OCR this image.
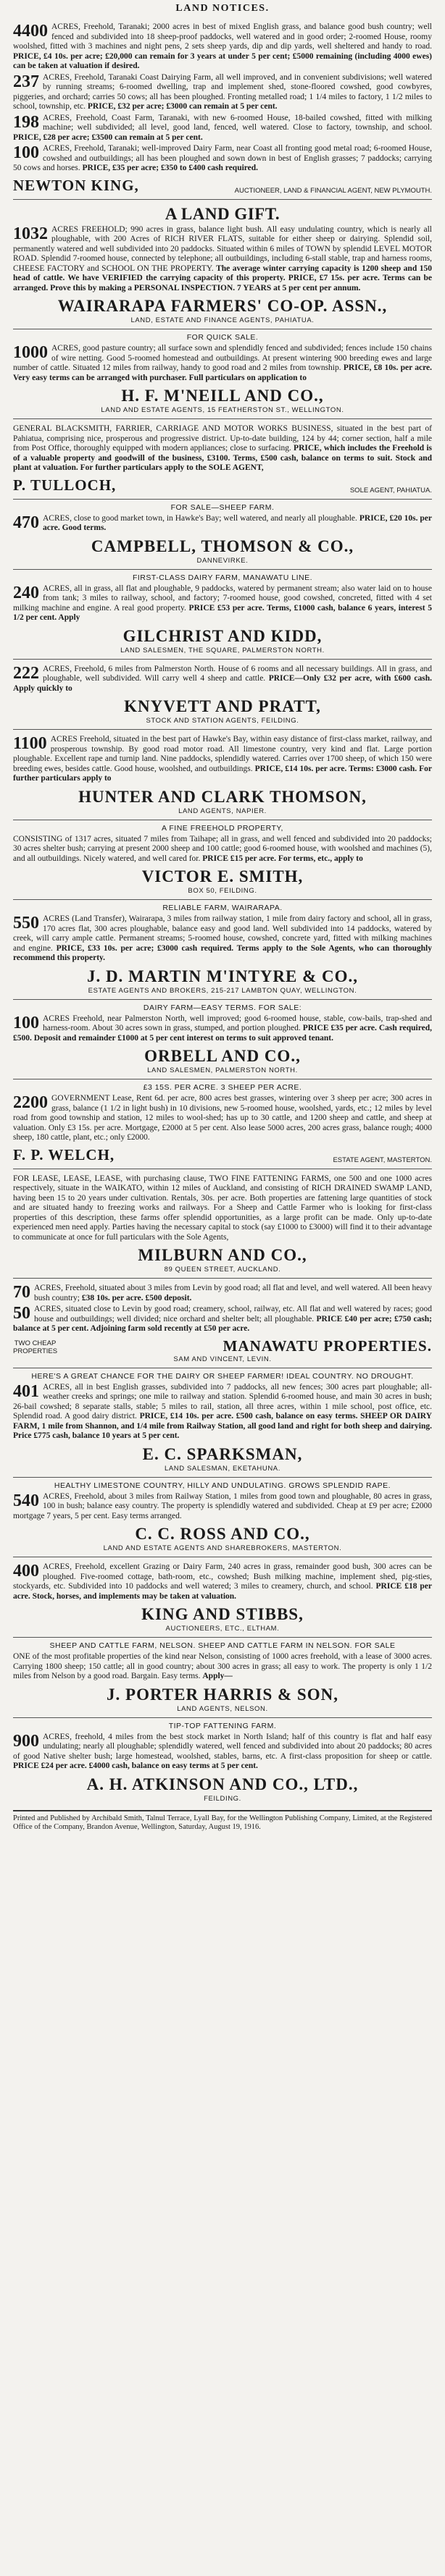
LAND NOTICES.
4400 ACRES, Freehold, Taranaki; 2000 acres in best of mixed English grass, and balance good bush country; well fenced and subdivided into 18 sheep-proof paddocks, well watered and in good order; 2-roomed House, roomy woolshed, fitted with 3 machines and night pens, 2 sets sheep yards, dip and dip yards, well sheltered and handy to road. PRICE, £4 10s. per acre; £20,000 can remain for 3 years at under 5 per cent; £5000 remaining (including 4000 ewes) can be taken at valuation if desired.
237 ACRES, Freehold, Taranaki Coast Dairying Farm, all well improved, and in convenient subdivisions; well watered by running streams; 6-roomed dwelling, trap and implement shed, stone-floored cowshed, good cowbyres, piggeries, and orchard; carries 50 cows; all has been ploughed. Fronting metalled road; 1 1/4 miles to factory, 1 1/2 miles to school, township, etc. PRICE, £32 per acre; £3000 can remain at 5 per cent.
198 ACRES, Freehold, Coast Farm, Taranaki, with new 6-roomed House, 18-bailed cowshed, fitted with milking machine; well subdivided; all level, good land, fenced, well watered. Close to factory, township, and school. PRICE, £28 per acre; £3500 can remain at 5 per cent.
100 ACRES, Freehold, Taranaki; well-improved Dairy Farm, near Coast all fronting good metal road; 6-roomed House, cowshed and outbuildings; all has been ploughed and sown down in best of English grasses; 7 paddocks; carrying 50 cows and horses. PRICE, £35 per acre; £350 to £400 cash required.
NEWTON KING,	AUCTIONEER, LAND & FINANCIAL AGENT, NEW PLYMOUTH.
A LAND GIFT.
1032 ACRES FREEHOLD; 990 acres in grass, balance light bush. All easy undulating country, which is nearly all ploughable, with 200 Acres of RICH RIVER FLATS, suitable for either sheep or dairying. Splendid soil, permanently watered and well subdivided into 20 paddocks. Situated within 6 miles of TOWN by splendid LEVEL MOTOR ROAD. Splendid 7-roomed house, connected by telephone; all outbuildings, including 6-stall stable, trap and harness rooms, CHEESE FACTORY and SCHOOL ON THE PROPERTY. The average winter carrying capacity is 1200 sheep and 150 head of cattle. We have VERIFIED the carrying capacity of this property. PRICE, £7 15s. per acre. Terms can be arranged. Prove this by making a PERSONAL INSPECTION. 7 YEARS at 5 per cent per annum.
WAIRARAPA FARMERS' CO-OP. ASSN.,
LAND, ESTATE AND FINANCE AGENTS, PAHIATUA.
FOR QUICK SALE.
1000 ACRES, good pasture country; all surface sown and splendidly fenced and subdivided; fences include 150 chains of wire netting. Good 5-roomed homestead and outbuildings. At present wintering 900 breeding ewes and large number of cattle. Situated 12 miles from railway, handy to good road and 2 miles from township. PRICE, £8 10s. per acre. Very easy terms can be arranged with purchaser. Full particulars on application to
H. F. M'NEILL AND CO.,
LAND AND ESTATE AGENTS, 15 FEATHERSTON ST., WELLINGTON.
GENERAL BLACKSMITH, FARRIER, CARRIAGE AND MOTOR WORKS BUSINESS, situated in the best part of Pahiatua, comprising nice, prosperous and progressive district. Up-to-date building, 124 by 44; corner section, half a mile from Post Office, thoroughly equipped with modern appliances; close to surfacing. PRICE, which includes the Freehold is of a valuable property and goodwill of the business, £3100. Terms, £500 cash, balance on terms to suit. Stock and plant at valuation. For further particulars apply to the SOLE AGENT,
P. TULLOCH,	SOLE AGENT, PAHIATUA.
FOR SALE—SHEEP FARM.
470 ACRES, close to good market town, in Hawke's Bay; well watered, and nearly all ploughable. PRICE, £20 10s. per acre. Good terms.
CAMPBELL, THOMSON & CO.,
DANNEVIRKE.
FIRST-CLASS DAIRY FARM, MANAWATU LINE.
240 ACRES, all in grass, all flat and ploughable, 9 paddocks, watered by permanent stream; also water laid on to house from tank; 3 miles to railway, school, and factory; 7-roomed house, good cowshed, concreted, fitted with 4 set milking machine and engine. A real good property. PRICE £53 per acre. Terms, £1000 cash, balance 6 years, interest 5 1/2 per cent. Apply
GILCHRIST AND KIDD,
LAND SALESMEN, THE SQUARE, PALMERSTON NORTH.
222 ACRES, Freehold, 6 miles from Palmerston North. House of 6 rooms and all necessary buildings. All in grass, and ploughable, well subdivided. Will carry well 4 sheep and cattle. PRICE—Only £32 per acre, with £600 cash. Apply quickly to
KNYVETT AND PRATT,
STOCK AND STATION AGENTS, FEILDING.
1100 ACRES Freehold, situated in the best part of Hawke's Bay, within easy distance of first-class market, railway, and prosperous township. By good road motor road. All limestone country, very kind and flat. Large portion ploughable. Excellent rape and turnip land. Nine paddocks, splendidly watered. Carries over 1700 sheep, of which 150 were breeding ewes, besides cattle. Good house, woolshed, and outbuildings. PRICE, £14 10s. per acre. Terms: £3000 cash. For further particulars apply to
HUNTER AND CLARK THOMSON,
LAND AGENTS, NAPIER.
A FINE FREEHOLD PROPERTY,
CONSISTING of 1317 acres, situated 7 miles from Taihape; all in grass, and well fenced and subdivided into 20 paddocks; 30 acres shelter bush; carrying at present 2000 sheep and 100 cattle; good 6-roomed house, with woolshed and machines (5), and all outbuildings. Nicely watered, and well cared for. PRICE £15 per acre. For terms, etc., apply to
VICTOR E. SMITH,
BOX 50, FEILDING.
RELIABLE FARM, WAIRARAPA.
550 ACRES (Land Transfer), Wairarapa, 3 miles from railway station, 1 mile from dairy factory and school, all in grass, 170 acres flat, 300 acres ploughable, balance easy and good land. Well subdivided into 14 paddocks, watered by creek, will carry ample cattle. Permanent streams; 5-roomed house, cowshed, concrete yard, fitted with milking machines and engine. PRICE, £33 10s. per acre; £3000 cash required. Terms apply to the Sole Agents, who can thoroughly recommend this property.
J. D. MARTIN M'INTYRE & CO.,
ESTATE AGENTS AND BROKERS, 215-217 LAMBTON QUAY, WELLINGTON.
DAIRY FARM—EASY TERMS. FOR SALE:
100 ACRES Freehold, near Palmerston North, well improved; good 6-roomed house, stable, cow-bails, trap-shed and harness-room. About 30 acres sown in grass, stumped, and portion ploughed. PRICE £35 per acre. Cash required, £500. Deposit and remainder £1000 at 5 per cent interest on terms to suit approved tenant.
ORBELL AND CO.,
LAND SALESMEN, PALMERSTON NORTH.
£3 15S. PER ACRE. 3 SHEEP PER ACRE.
2200 GOVERNMENT Lease, Rent 6d. per acre, 800 acres best grasses, wintering over 3 sheep per acre; 300 acres in grass, balance (1 1/2 in light bush) in 10 divisions, new 5-roomed house, woolshed, yards, etc.; 12 miles by level road from good township and station, 12 miles to wool-shed; has up to 30 cattle, and 1200 sheep and cattle, and sheep at valuation. Only £3 15s. per acre. Mortgage, £2000 at 5 per cent. Also lease 5000 acres, 200 acres grass, balance rough; 4000 sheep, 180 cattle, plant, etc.; only £2000.
F. P. WELCH,	ESTATE AGENT, MASTERTON.
FOR LEASE, LEASE, LEASE, with purchasing clause, TWO FINE FATTENING FARMS, one 500 and one 1000 acres respectively, situate in the WAIKATO, within 12 miles of Auckland, and consisting of RICH DRAINED SWAMP LAND, having been 15 to 20 years under cultivation. Rentals, 30s. per acre. Both properties are fattening large quantities of stock and are situated handy to freezing works and railways. For a Sheep and Cattle Farmer who is looking for first-class properties of this description, these farms offer splendid opportunities, as a large profit can be made. Only up-to-date experienced men need apply. Parties having the necessary capital to stock (say £1000 to £3000) will find it to their advantage to communicate at once for full particulars with the Sole Agents,
MILBURN AND CO.,
89 QUEEN STREET, AUCKLAND.
70 ACRES, Freehold, situated about 3 miles from Levin by good road; all flat and level, and well watered. All been heavy bush country; £38 10s. per acre. £500 deposit.
50 ACRES, situated close to Levin by good road; creamery, school, railway, etc. All flat and well watered by races; good house and outbuildings; well divided; nice orchard and shelter belt; all ploughable. PRICE £40 per acre; £750 cash; balance at 5 per cent. Adjoining farm sold recently at £50 per acre.
TWO CHEAP
PROPERTIES	MANAWATU PROPERTIES.
SAM AND VINCENT, LEVIN.
HERE'S A GREAT CHANCE FOR THE DAIRY OR SHEEP FARMER! IDEAL COUNTRY. NO DROUGHT.
401 ACRES, all in best English grasses, subdivided into 7 paddocks, all new fences; 300 acres part ploughable; all-weather creeks and springs; one mile to railway and station. Splendid 6-roomed house, and main 30 acres in bush; 26-bail cowshed; 8 separate stalls, stable; 5 miles to rail, station, all three acres, within 1 mile school, post office, etc. Splendid road. A good dairy district. PRICE, £14 10s. per acre. £500 cash, balance on easy terms. SHEEP OR DAIRY FARM, 1 mile from Shannon, and 1/4 mile from Railway Station, all good land and right for both sheep and dairying. Price £775 cash, balance 10 years at 5 per cent.
E. C. SPARKSMAN,
LAND SALESMAN, EKETAHUNA.
HEALTHY LIMESTONE COUNTRY, HILLY AND UNDULATING. GROWS SPLENDID RAPE.
540 ACRES, Freehold, about 3 miles from Railway Station, 1 miles from good town and ploughable, 80 acres in grass, 100 in bush; balance easy country. The property is splendidly watered and subdivided. Cheap at £9 per acre; £2000 mortgage 7 years, 5 per cent. Easy terms arranged.
C. C. ROSS AND CO.,
LAND AND ESTATE AGENTS AND SHAREBROKERS, MASTERTON.
400 ACRES, Freehold, excellent Grazing or Dairy Farm, 240 acres in grass, remainder good bush, 300 acres can be ploughed. Five-roomed cottage, bath-room, etc., cowshed; Bush milking machine, implement shed, pig-sties, stockyards, etc. Subdivided into 10 paddocks and well watered; 3 miles to creamery, church, and school. PRICE £18 per acre. Stock, horses, and implements may be taken at valuation.
KING AND STIBBS,
AUCTIONEERS, ETC., ELTHAM.
SHEEP AND CATTLE FARM, NELSON. SHEEP AND CATTLE FARM IN NELSON. FOR SALE
ONE of the most profitable properties of the kind near Nelson, consisting of 1000 acres freehold, with a lease of 3000 acres. Carrying 1800 sheep; 150 cattle; all in good country; about 300 acres in grass; all easy to work. The property is only 1 1/2 miles from Nelson by a good road. Bargain. Easy terms. Apply—
J. PORTER HARRIS & SON,
LAND AGENTS, NELSON.
TIP-TOP FATTENING FARM.
900 ACRES, freehold, 4 miles from the best stock market in North Island; half of this country is flat and half easy undulating; nearly all ploughable; splendidly watered, well fenced and subdivided into about 20 paddocks; 80 acres of good Native shelter bush; large homestead, woolshed, stables, barns, etc. A first-class proposition for sheep or cattle. PRICE £24 per acre. £4000 cash, balance on easy terms at 5 per cent.
A. H. ATKINSON AND CO., LTD.,
FEILDING.
Printed and Published by Archibald Smith, Talnul Terrace, Lyall Bay, for the Wellington Publishing Company, Limited, at the Registered Office of the Company, Brandon Avenue, Wellington, Saturday, August 19, 1916.
